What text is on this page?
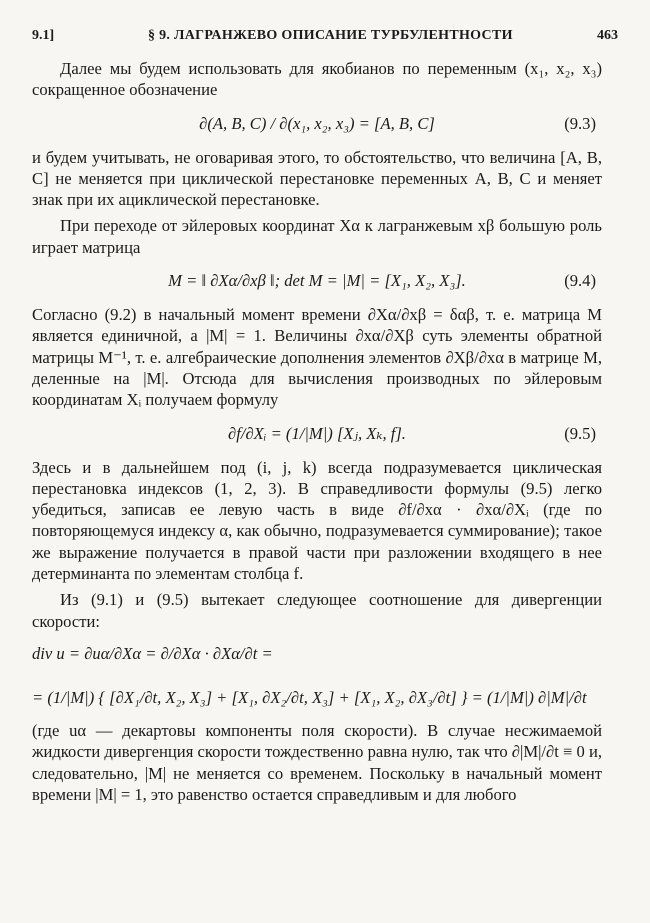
9.1]	§ 9. ЛАГРАНЖЕВО ОПИСАНИЕ ТУРБУЛЕНТНОСТИ	463

Далее мы будем использовать для якобианов по переменным (x₁, x₂, x₃) сокращенное обозначение

∂(A, B, C) / ∂(x₁, x₂, x₃) = [A, B, C]	(9.3)

и будем учитывать, не оговаривая этого, то обстоятельство, что величина [A, B, C] не меняется при циклической перестановке переменных A, B, C и меняет знак при их ациклической перестановке.

При переходе от эйлеровых координат Xα к лагранжевым xβ большую роль играет матрица

M = ‖ ∂Xα/∂xβ ‖; det M = |M| = [X₁, X₂, X₃].	(9.4)

Согласно (9.2) в начальный момент времени ∂Xα/∂xβ = δαβ, т. е. матрица M является единичной, а |M| = 1. Величины ∂xα/∂Xβ суть элементы обратной матрицы M⁻¹, т. е. алгебраические дополнения элементов ∂Xβ/∂xα в матрице M, деленные на |M|. Отсюда для вычисления производных по эйлеровым координатам Xᵢ получаем формулу

∂f/∂Xᵢ = (1/|M|) [Xⱼ, Xₖ, f].	(9.5)

Здесь и в дальнейшем под (i, j, k) всегда подразумевается циклическая перестановка индексов (1, 2, 3). В справедливости формулы (9.5) легко убедиться, записав ее левую часть в виде ∂f/∂xα · ∂xα/∂Xᵢ (где по повторяющемуся индексу α, как обычно, подразумевается суммирование); такое же выражение получается в правой части при разложении входящего в нее детерминанта по элементам столбца f.

Из (9.1) и (9.5) вытекает следующее соотношение для дивергенции скорости:

div u = ∂uα/∂Xα = ∂/∂Xα · ∂Xα/∂t =
= (1/|M|) { [∂X₁/∂t, X₂, X₃] + [X₁, ∂X₂/∂t, X₃] + [X₁, X₂, ∂X₃/∂t] } = (1/|M|) ∂|M|/∂t

(где uα — декартовы компоненты поля скорости). В случае несжимаемой жидкости дивергенция скорости тождественно равна нулю, так что ∂|M|/∂t ≡ 0 и, следовательно, |M| не меняется со временем. Поскольку в начальный момент времени |M| = 1, это равенство остается справедливым и для любого
